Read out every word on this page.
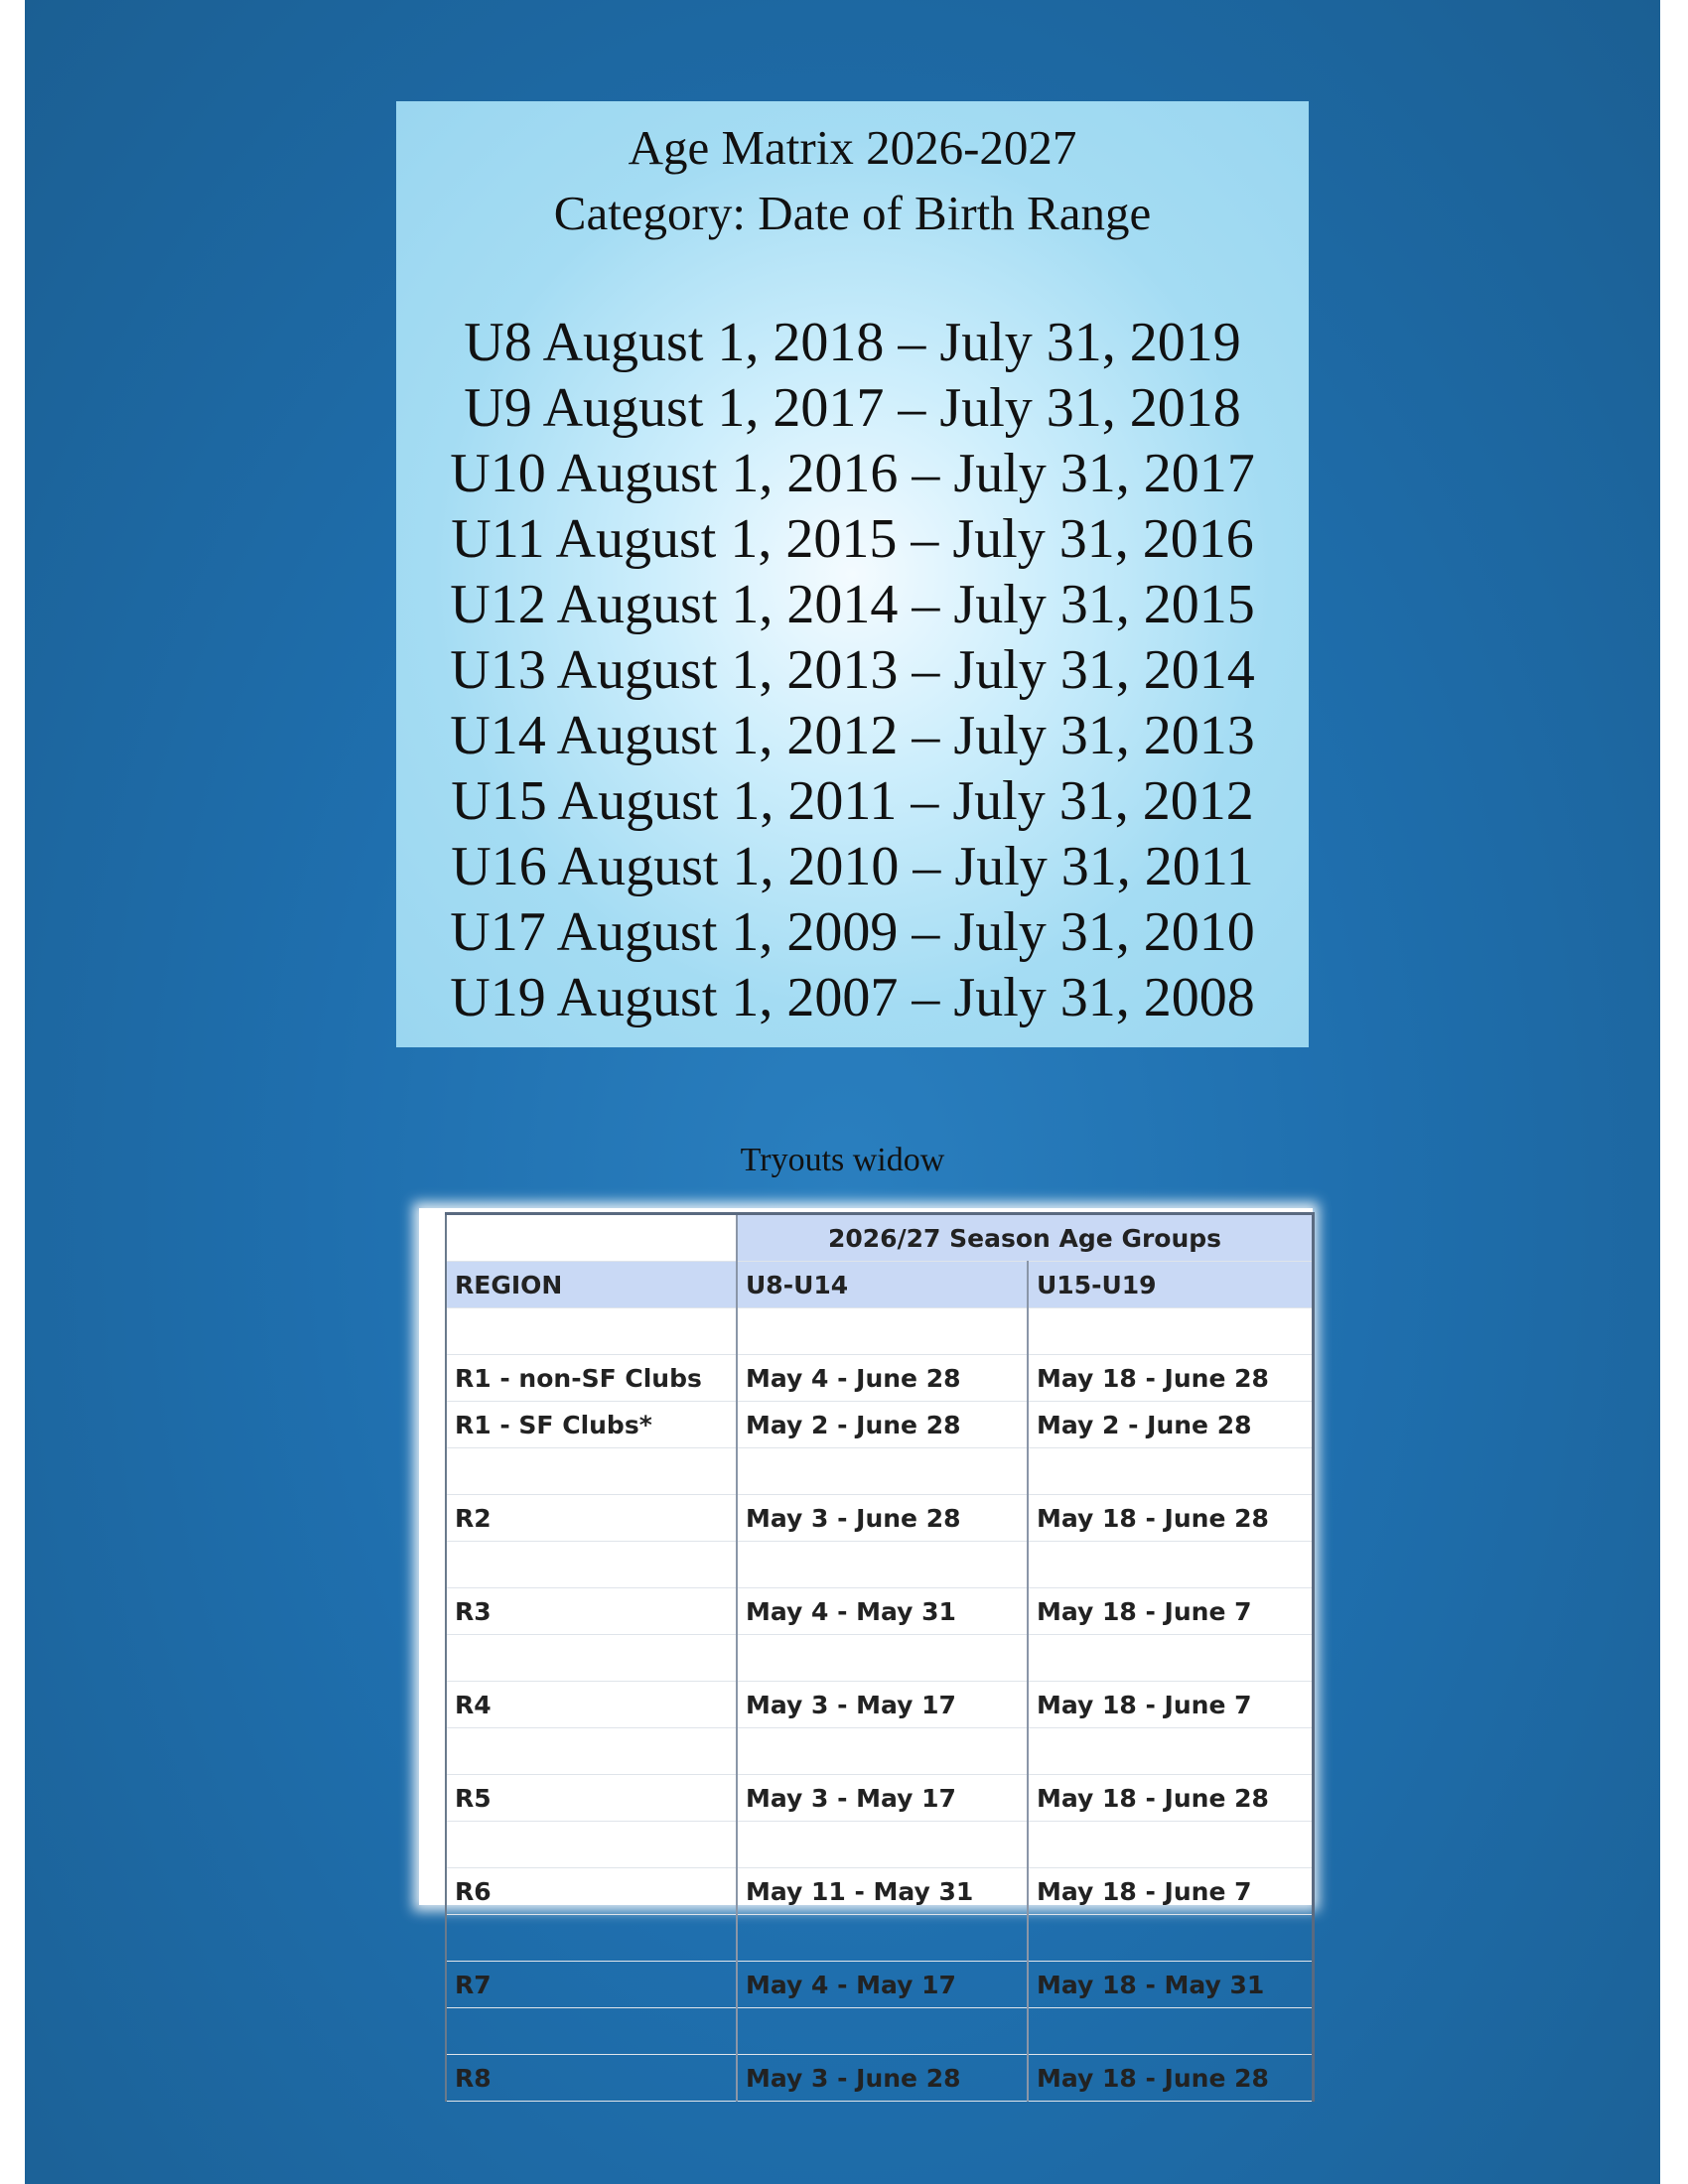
Age Matrix 2026-2027
Category: Date of Birth Range
U8 August 1, 2018 – July 31, 2019
U9 August 1, 2017 – July 31, 2018
U10 August 1, 2016 – July 31, 2017
U11 August 1, 2015 – July 31, 2016
U12 August 1, 2014 – July 31, 2015
U13 August 1, 2013 – July 31, 2014
U14 August 1, 2012 – July 31, 2013
U15 August 1, 2011 – July 31, 2012
U16 August 1, 2010 – July 31, 2011
U17 August 1, 2009 – July 31, 2010
U19 August 1, 2007 – July 31, 2008
Tryouts widow
	2026/27 Season Age Groups	
REGION	U8-U14	U15-U19

R1 - non-SF Clubs	May 4 - June 28	May 18 - June 28
R1 - SF Clubs*	May 2 - June 28	May 2 - June 28

R2	May 3 - June 28	May 18 - June 28

R3	May 4 - May 31	May 18 - June 7

R4	May 3 - May 17	May 18 - June 7

R5	May 3 - May 17	May 18 - June 28

R6	May 11 - May 31	May 18 - June 7

R7	May 4 - May 17	May 18 - May 31

R8	May 3 - June 28	May 18 - June 28
